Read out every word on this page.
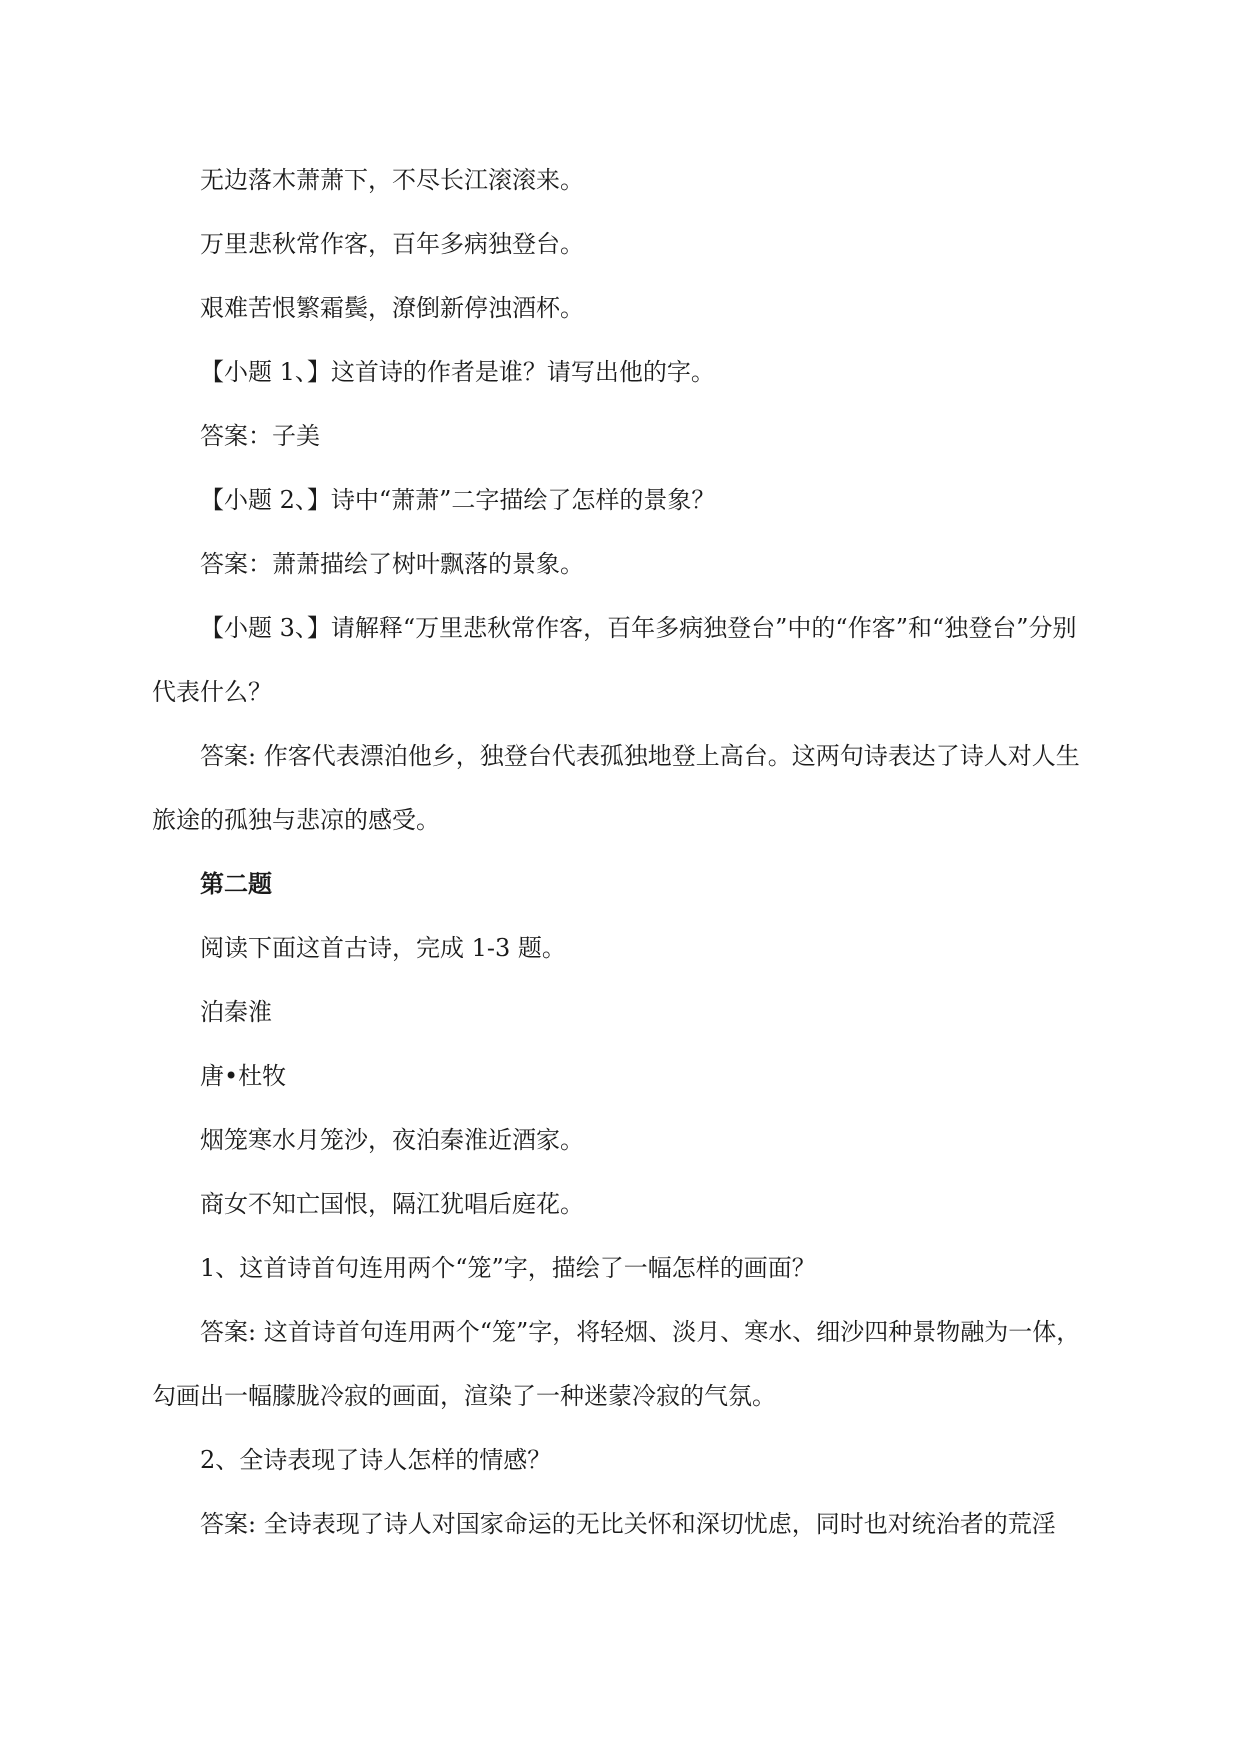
无边落木萧萧下，不尽长江滚滚来。

万里悲秋常作客，百年多病独登台。

艰难苦恨繁霜鬓，潦倒新停浊酒杯。

【小题 1、】这首诗的作者是谁？请写出他的字。

答案：子美

【小题 2、】诗中“萧萧”二字描绘了怎样的景象？

答案：萧萧描绘了树叶飘落的景象。

【小题 3、】请解释“万里悲秋常作客，百年多病独登台”中的“作客”和“独登台”分别代表什么？

答案: 作客代表漂泊他乡，独登台代表孤独地登上高台。这两句诗表达了诗人对人生旅途的孤独与悲凉的感受。

第二题

阅读下面这首古诗，完成 1-3 题。

泊秦淮

唐•杜牧

烟笼寒水月笼沙，夜泊秦淮近酒家。

商女不知亡国恨，隔江犹唱后庭花。

1、这首诗首句连用两个“笼”字，描绘了一幅怎样的画面？

答案: 这首诗首句连用两个“笼”字，将轻烟、淡月、寒水、细沙四种景物融为一体，勾画出一幅朦胧冷寂的画面，渲染了一种迷蒙冷寂的气氛。

2、全诗表现了诗人怎样的情感？

答案: 全诗表现了诗人对国家命运的无比关怀和深切忧虑，同时也对统治者的荒淫
